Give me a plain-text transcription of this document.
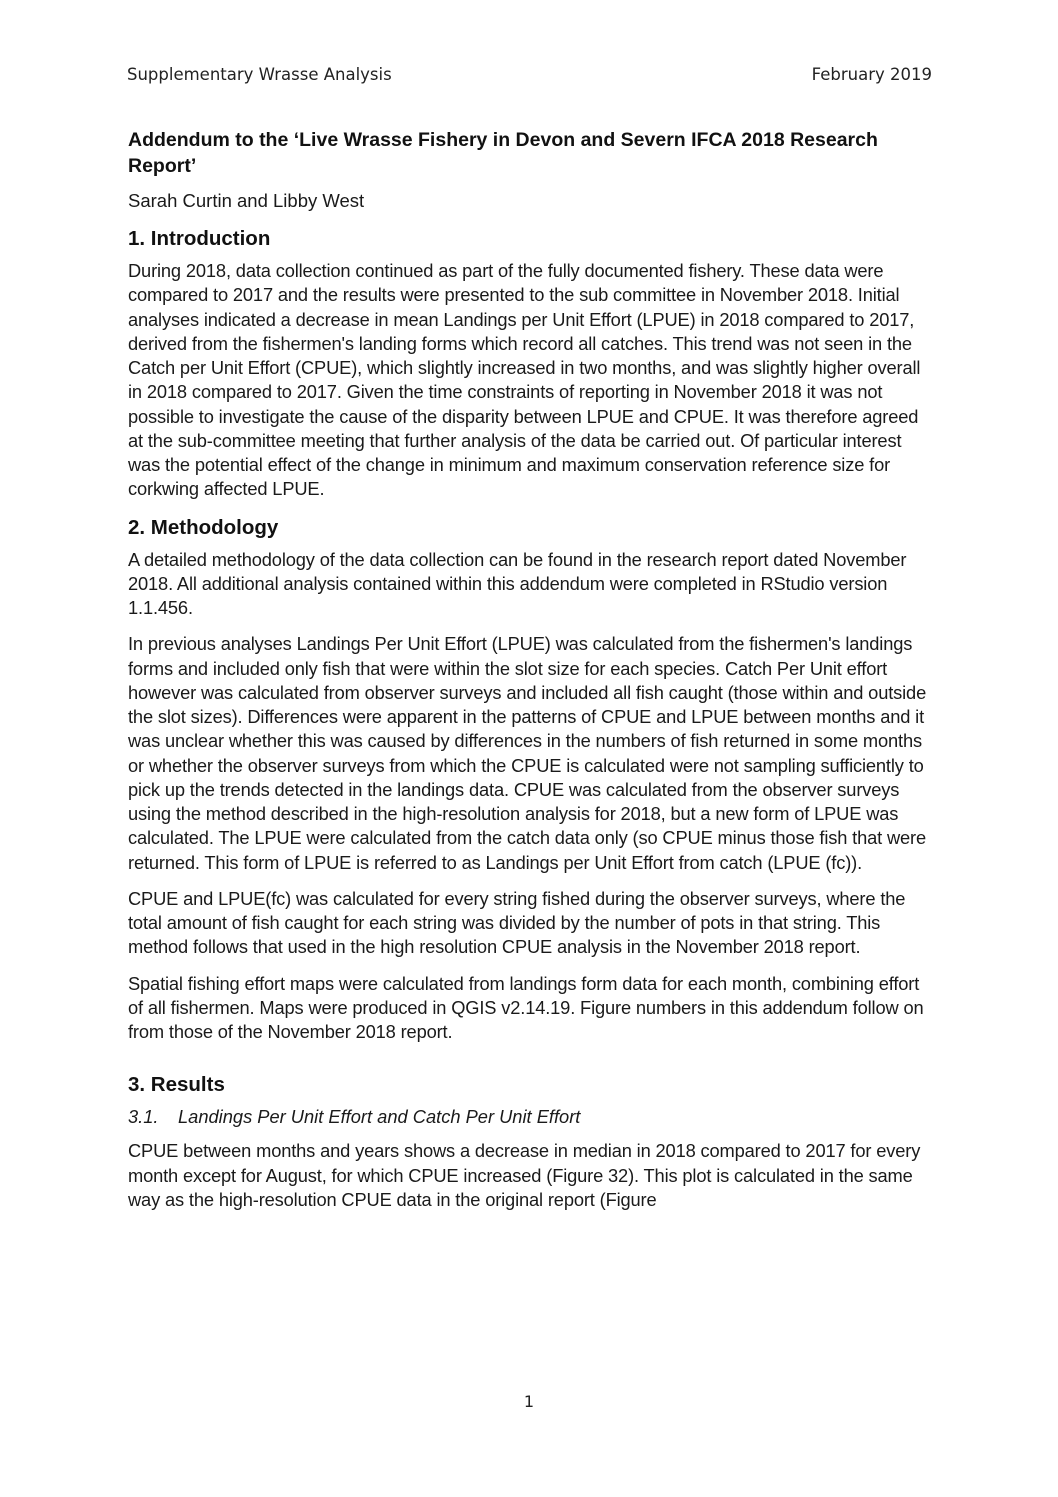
Supplementary Wrasse Analysis	February 2019
Addendum to the ‘Live Wrasse Fishery in Devon and Severn IFCA 2018 Research Report’
Sarah Curtin and Libby West
1. Introduction

During 2018, data collection continued as part of the fully documented fishery. These data were compared to 2017 and the results were presented to the sub committee in November 2018. Initial analyses indicated a decrease in mean Landings per Unit Effort (LPUE) in 2018 compared to 2017, derived from the fishermen's landing forms which record all catches. This trend was not seen in the Catch per Unit Effort (CPUE), which slightly increased in two months, and was slightly higher overall in 2018 compared to 2017. Given the time constraints of reporting in November 2018 it was not possible to investigate the cause of the disparity between LPUE and CPUE. It was therefore agreed at the sub-committee meeting that further analysis of the data be carried out. Of particular interest was the potential effect of the change in minimum and maximum conservation reference size for corkwing affected LPUE.

2. Methodology

A detailed methodology of the data collection can be found in the research report dated November 2018. All additional analysis contained within this addendum were completed in RStudio version 1.1.456.

In previous analyses Landings Per Unit Effort (LPUE) was calculated from the fishermen's landings forms and included only fish that were within the slot size for each species. Catch Per Unit effort however was calculated from observer surveys and included all fish caught (those within and outside the slot sizes). Differences were apparent in the patterns of CPUE and LPUE between months and it was unclear whether this was caused by differences in the numbers of fish returned in some months or whether the observer surveys from which the CPUE is calculated were not sampling sufficiently to pick up the trends detected in the landings data. CPUE was calculated from the observer surveys using the method described in the high-resolution analysis for 2018, but a new form of LPUE was calculated. The LPUE were calculated from the catch data only (so CPUE minus those fish that were returned. This form of LPUE is referred to as Landings per Unit Effort from catch (LPUE (fc)).

CPUE and LPUE(fc) was calculated for every string fished during the observer surveys, where the total amount of fish caught for each string was divided by the number of pots in that string. This method follows that used in the high resolution CPUE analysis in the November 2018 report.

Spatial fishing effort maps were calculated from landings form data for each month, combining effort of all fishermen. Maps were produced in QGIS v2.14.19. Figure numbers in this addendum follow on from those of the November 2018 report.

3. Results
3.1. Landings Per Unit Effort and Catch Per Unit Effort

CPUE between months and years shows a decrease in median in 2018 compared to 2017 for every month except for August, for which CPUE increased (Figure 32). This plot is calculated in the same way as the high-resolution CPUE data in the original report (Figure

1
